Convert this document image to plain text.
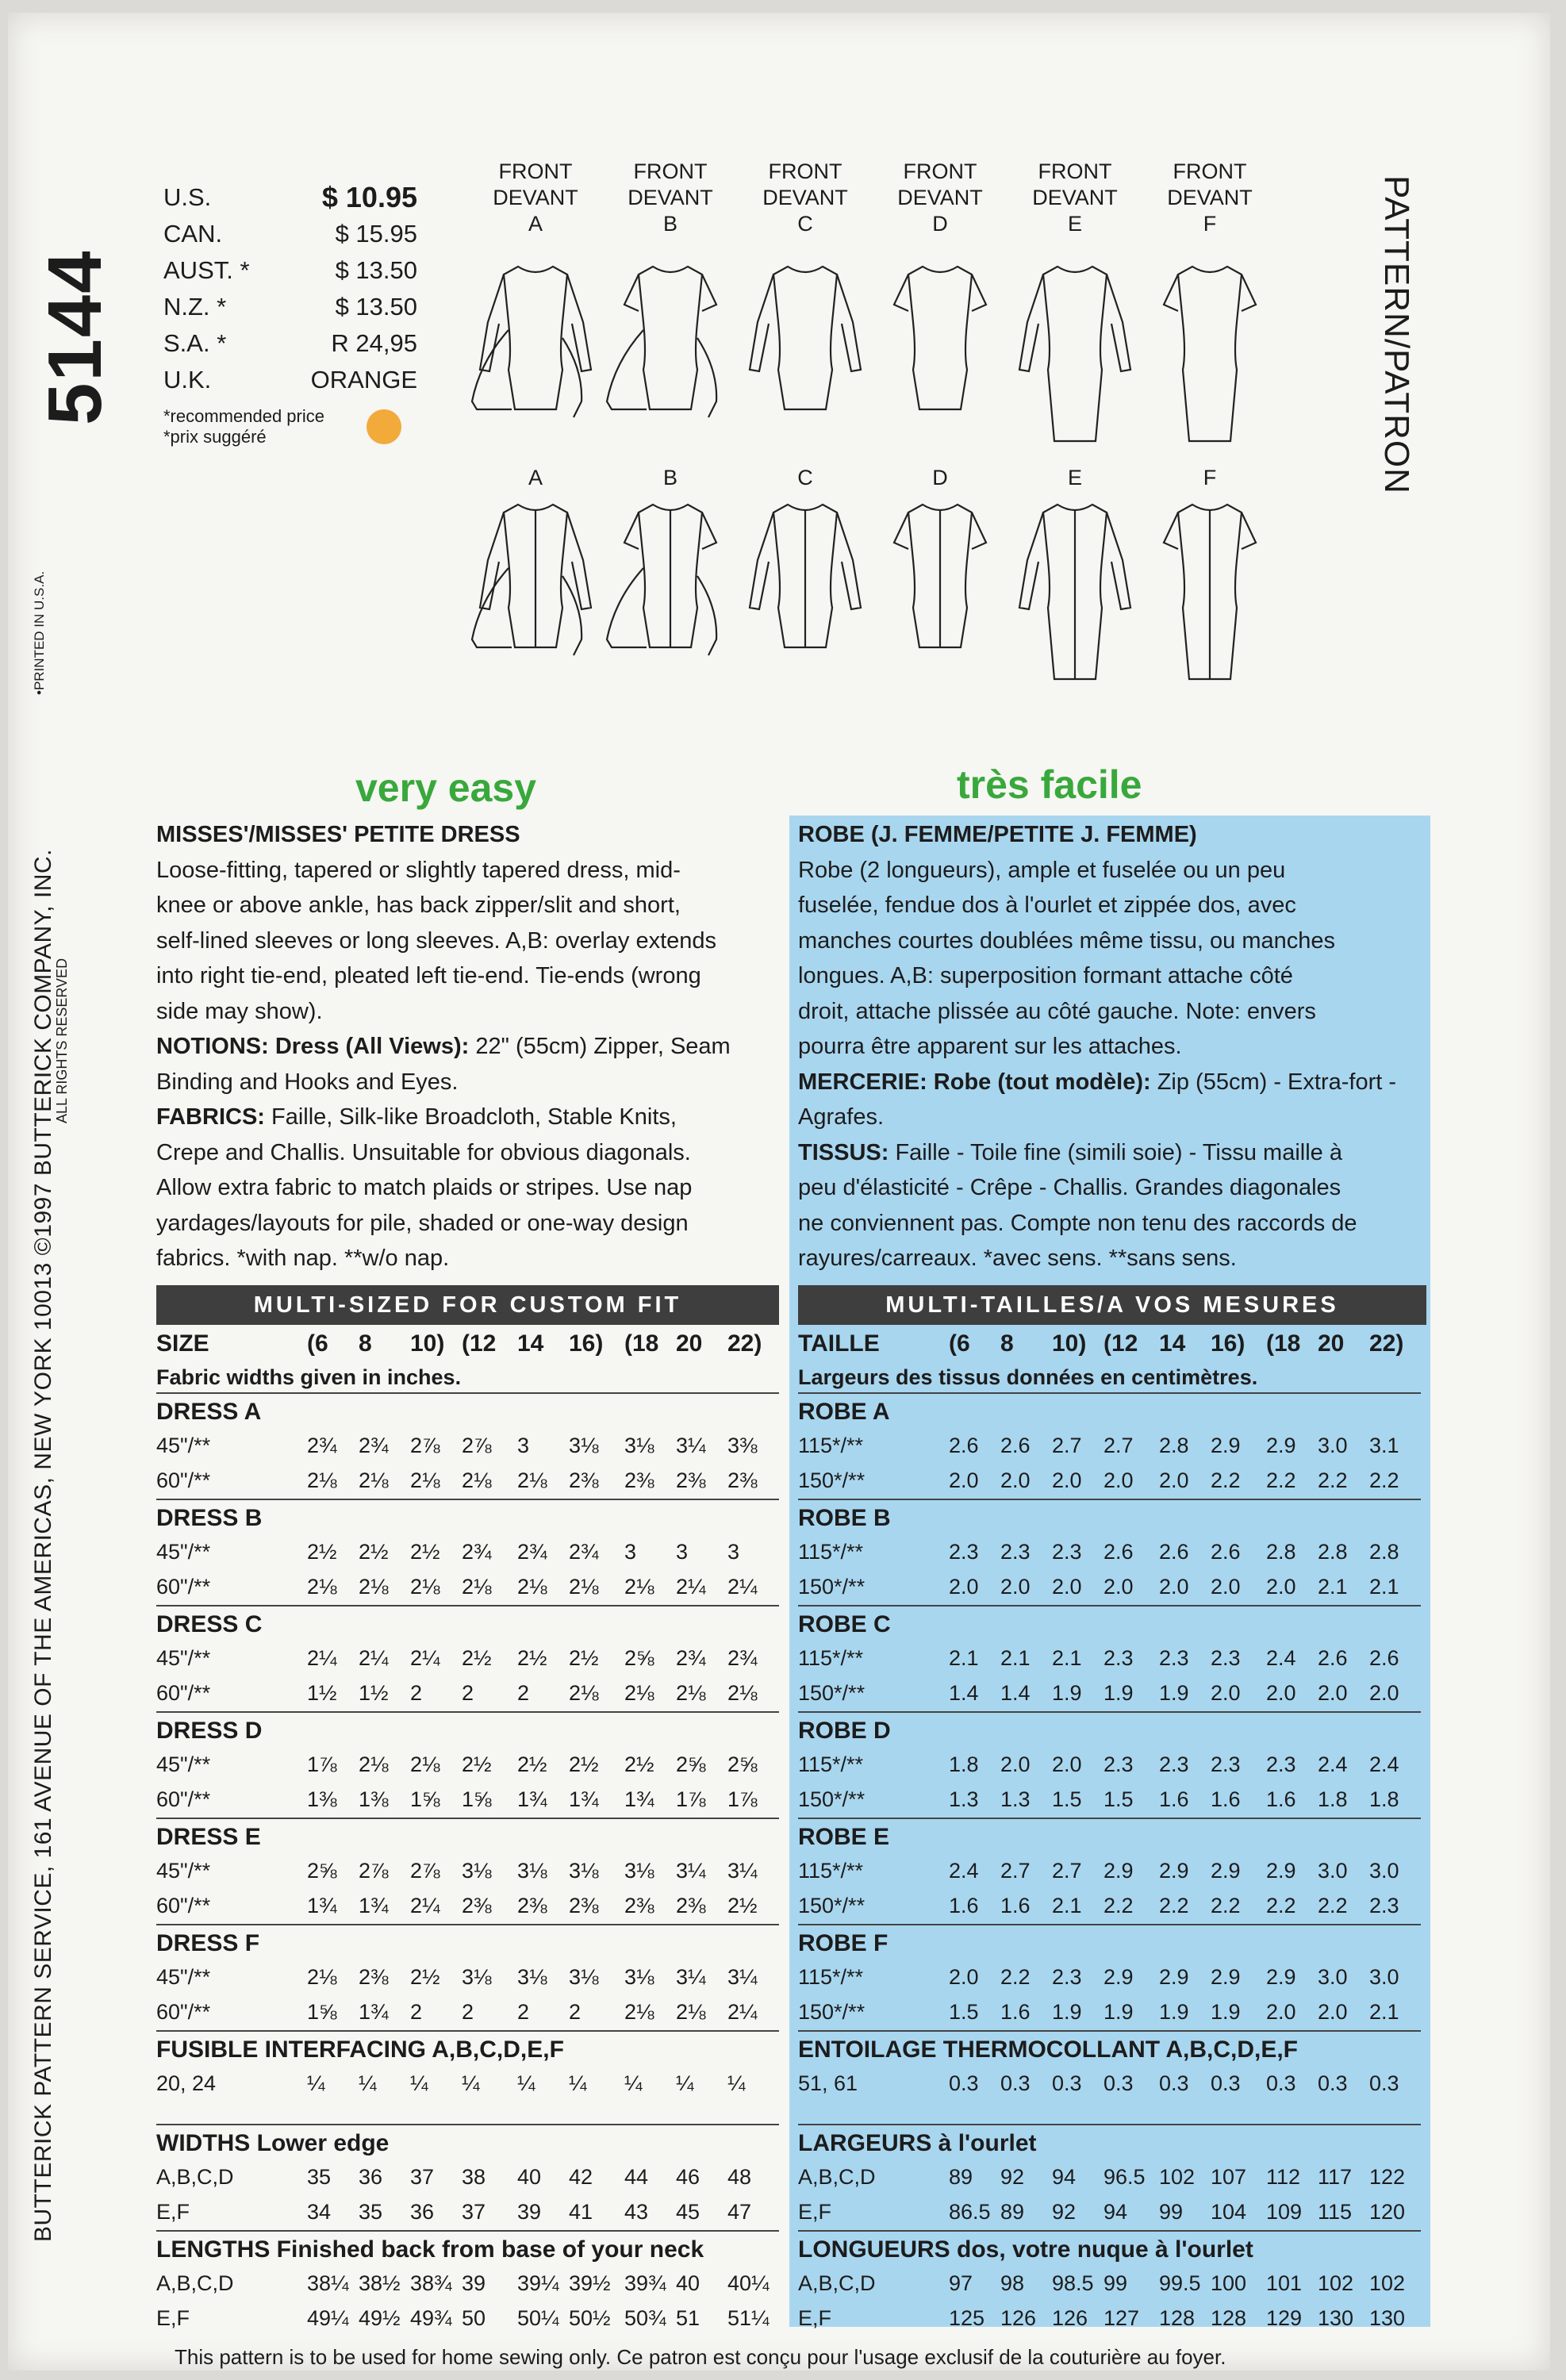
5144
BUTTERICK PATTERN SERVICE, 161 AVENUE OF THE AMERICAS, NEW YORK 10013 ©1997 BUTTERICK COMPANY, INC.
•PRINTED IN U.S.A.
ALL RIGHTS RESERVED
U.S.	$ 10.95
CAN.	$ 15.95
AUST. *	$ 13.50
N.Z. *	$ 13.50
S.A. *	R 24,95
U.K.	ORANGE
*recommended price
*prix suggéré	PATTERN/PATRON
FRONT
DEVANT
A
A
FRONT
DEVANT
B
B
FRONT
DEVANT
C
C
FRONT
DEVANT
D
D
FRONT
DEVANT
E
E
FRONT
DEVANT
F
F
very easy	très facile
MISSES'/MISSES' PETITE DRESS
Loose-fitting, tapered or slightly tapered dress, mid-
knee or above ankle, has back zipper/slit and short,
self-lined sleeves or long sleeves. A,B: overlay extends
into right tie-end, pleated left tie-end. Tie-ends (wrong
side may show).
NOTIONS: Dress (All Views): 22" (55cm) Zipper, Seam
Binding and Hooks and Eyes.
FABRICS: Faille, Silk-like Broadcloth, Stable Knits,
Crepe and Challis. Unsuitable for obvious diagonals.
Allow extra fabric to match plaids or stripes. Use nap
yardages/layouts for pile, shaded or one-way design
fabrics. *with nap. **w/o nap.
ROBE (J. FEMME/PETITE J. FEMME)
Robe (2 longueurs), ample et fuselée ou un peu
fuselée, fendue dos à l'ourlet et zippée dos, avec
manches courtes doublées même tissu, ou manches
longues. A,B: superposition formant attache côté
droit, attache plissée au côté gauche. Note: envers
pourra être apparent sur les attaches.
MERCERIE: Robe (tout modèle): Zip (55cm) - Extra-fort -
Agrafes.
TISSUS: Faille - Toile fine (simili soie) - Tissu maille à
peu d'élasticité - Crêpe - Challis. Grandes diagonales
ne conviennent pas. Compte non tenu des raccords de
rayures/carreaux. *avec sens. **sans sens.
MULTI-SIZED FOR CUSTOM FIT	MULTI-TAILLES/A VOS MESURES
SIZE	(6 8 10) (12 14 16) (18 20 22)
Fabric widths given in inches.
DRESS A
45"/**	2¾ 2¾ 2⅞ 2⅞ 3 3⅛ 3⅛ 3¼ 3⅜
60"/**	2⅛ 2⅛ 2⅛ 2⅛ 2⅛ 2⅜ 2⅜ 2⅜ 2⅜
DRESS B
45"/**	2½ 2½ 2½ 2¾ 2¾ 2¾ 3 3 3
60"/**	2⅛ 2⅛ 2⅛ 2⅛ 2⅛ 2⅛ 2⅛ 2¼ 2¼
DRESS C
45"/**	2¼ 2¼ 2¼ 2½ 2½ 2½ 2⅝ 2¾ 2¾
60"/**	1½ 1½ 2 2 2 2⅛ 2⅛ 2⅛ 2⅛
DRESS D
45"/**	1⅞ 2⅛ 2⅛ 2½ 2½ 2½ 2½ 2⅝ 2⅝
60"/**	1⅜ 1⅜ 1⅝ 1⅝ 1¾ 1¾ 1¾ 1⅞ 1⅞
DRESS E
45"/**	2⅝ 2⅞ 2⅞ 3⅛ 3⅛ 3⅛ 3⅛ 3¼ 3¼
60"/**	1¾ 1¾ 2¼ 2⅜ 2⅜ 2⅜ 2⅜ 2⅜ 2½
DRESS F
45"/**	2⅛ 2⅜ 2½ 3⅛ 3⅛ 3⅛ 3⅛ 3¼ 3¼
60"/**	1⅝ 1¾ 2 2 2 2 2⅛ 2⅛ 2¼
FUSIBLE INTERFACING A,B,C,D,E,F
20, 24	¼ ¼ ¼ ¼ ¼ ¼ ¼ ¼ ¼
WIDTHS Lower edge
A,B,C,D	35 36 37 38 40 42 44 46 48
E,F	34 35 36 37 39 41 43 45 47
LENGTHS Finished back from base of your neck
A,B,C,D	38¼ 38½ 38¾ 39 39¼ 39½ 39¾ 40 40¼
E,F	49¼ 49½ 49¾ 50 50¼ 50½ 50¾ 51 51¼
TAILLE	(6 8 10) (12 14 16) (18 20 22)
Largeurs des tissus données en centimètres.
ROBE A
115*/**	2.6 2.6 2.7 2.7 2.8 2.9 2.9 3.0 3.1
150*/**	2.0 2.0 2.0 2.0 2.0 2.2 2.2 2.2 2.2
ROBE B
115*/**	2.3 2.3 2.3 2.6 2.6 2.6 2.8 2.8 2.8
150*/**	2.0 2.0 2.0 2.0 2.0 2.0 2.0 2.1 2.1
ROBE C
115*/**	2.1 2.1 2.1 2.3 2.3 2.3 2.4 2.6 2.6
150*/**	1.4 1.4 1.9 1.9 1.9 2.0 2.0 2.0 2.0
ROBE D
115*/**	1.8 2.0 2.0 2.3 2.3 2.3 2.3 2.4 2.4
150*/**	1.3 1.3 1.5 1.5 1.6 1.6 1.6 1.8 1.8
ROBE E
115*/**	2.4 2.7 2.7 2.9 2.9 2.9 2.9 3.0 3.0
150*/**	1.6 1.6 2.1 2.2 2.2 2.2 2.2 2.2 2.3
ROBE F
115*/**	2.0 2.2 2.3 2.9 2.9 2.9 2.9 3.0 3.0
150*/**	1.5 1.6 1.9 1.9 1.9 1.9 2.0 2.0 2.1
ENTOILAGE THERMOCOLLANT A,B,C,D,E,F
51, 61	0.3 0.3 0.3 0.3 0.3 0.3 0.3 0.3 0.3
LARGEURS à l'ourlet
A,B,C,D	89 92 94 96.5 102 107 112 117 122
E,F	86.5 89 92 94 99 104 109 115 120
LONGUEURS dos, votre nuque à l'ourlet
A,B,C,D	97 98 98.5 99 99.5 100 101 102 102
E,F	125 126 126 127 128 128 129 130 130
This pattern is to be used for home sewing only. Ce patron est conçu pour l'usage exclusif de la couturière au foyer.
